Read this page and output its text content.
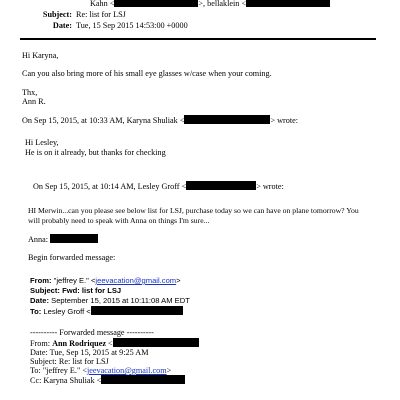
Kahn <	>, bellaklein <
Subject: Re: list for LSJ
Date: Tue, 15 Sep 2015 14:53:00 +0000
Hi Karyna,
Can you also bring more of his small eye glasses w/case when your coming.
Thx,
Ann R.
On Sep 15, 2015, at 10:33 AM, Karyna Shuliak <	> wrote:
Hi Lesley,
He is on it already, but thanks for checking
On Sep 15, 2015, at 10:14 AM, Lesley Groff <	> wrote:
HI Merwin...can you please see below list for LSJ, purchase today so we can have on plane tomorrow? You
will probably need to speak with Anna on things I'm sure...
Anna:
Begin forwarded message:
From: "jeffrey E." <jeevacation@gmail.com>
Subject: Fwd: list for LSJ
Date: September 15, 2015 at 10:11:08 AM EDT
To: Lesley Groff <
---------- Forwarded message ----------
From: Ann Rodriquez <
Date: Tue, Sep 15, 2015 at 9:25 AM
Subject: Re: list for LSJ
To: "jeffrey E." <jeevacation@gmail.com>
Cc: Karyna Shuliak <
